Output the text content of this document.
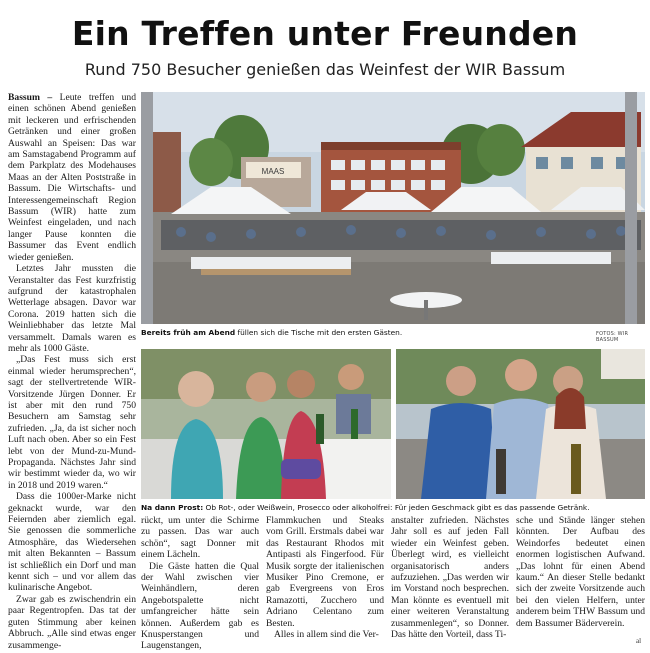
Ein Treffen unter Freunden
Rund 750 Besucher genießen das Weinfest der WIR Bassum

Bassum – Leute treffen und einen schönen Abend genießen mit leckeren und erfrischenden Getränken und einer großen Auswahl an Speisen: Das war am Samstagabend Programm auf dem Parkplatz des Modehauses Maas an der Alten Poststraße in Bassum. Die Wirtschafts- und Interessengemeinschaft Region Bassum (WIR) hatte zum Weinfest eingeladen, und nach langer Pause konnten die Bassumer das Event endlich wieder genießen.

Letztes Jahr mussten die Veranstalter das Fest kurzfristig aufgrund der katastrophalen Wetterlage absagen. Davor war Corona. 2019 hatten sich die Weinliebhaber das letzte Mal versammelt. Damals waren es mehr als 1000 Gäste.

„Das Fest muss sich erst einmal wieder herumsprechen“, sagt der stellvertretende WIR-Vorsitzende Jürgen Donner. Er ist aber mit den rund 750 Besuchern am Samstag sehr zufrieden. „Ja, da ist sicher noch Luft nach oben. Aber so ein Fest lebt von der Mund-zu-Mund-Propaganda. Nächstes Jahr sind wir bestimmt wieder da, wo wir in 2018 und 2019 waren.“

Dass die 1000er-Marke nicht geknackt wurde, war den Feiernden aber ziemlich egal. Sie genossen die sommerliche Atmosphäre, das Wiedersehen mit alten Bekannten – Bassum ist schließlich ein Dorf und man kennt sich – und vor allem das kulinarische Angebot.

Zwar gab es zwischendrin ein paar Regentropfen. Das tat der guten Stimmung aber keinen Abbruch. „Alle sind etwas enger zusammenge-

MAAS
Bereits früh am Abend füllen sich die Tische mit den ersten Gästen.	FOTOS: WIR BASSUM
Na dann Prost: Ob Rot-, oder Weißwein, Prosecco oder alkoholfrei: Für jeden Geschmack gibt es das passende Getränk.

rückt, um unter die Schirme zu passen. Das war auch schön“, sagt Donner mit einem Lächeln.

Die Gäste hatten die Qual der Wahl zwischen vier Weinhändlern, deren Angebotspalette nicht umfangreicher hätte sein können. Außerdem gab es Knusperstangen und Laugenstangen,

Flammkuchen und Steaks vom Grill. Erstmals dabei war das Restaurant Rhodos mit Antipasti als Fingerfood. Für Musik sorgte der italienischen Musiker Pino Cremone, er gab Evergreens von Eros Ramazotti, Zucchero und Adriano Celentano zum Besten.

Alles in allem sind die Ver-

anstalter zufrieden. Nächstes Jahr soll es auf jeden Fall wieder ein Weinfest geben. Überlegt wird, es vielleicht organisatorisch anders aufzuziehen. „Das werden wir im Vorstand noch besprechen. Man könnte es eventuell mit einer weiteren Veranstaltung zusammenlegen“, so Donner. Das hätte den Vorteil, dass Ti-

sche und Stände länger stehen könnten. Der Aufbau des Weindorfes bedeutet einen enormen logistischen Aufwand. „Das lohnt für einen Abend kaum.“ An dieser Stelle bedankt sich der zweite Vorsitzende auch bei den vielen Helfern, unter anderem beim THW Bassum und dem Bassumer Bäderverein.

al
